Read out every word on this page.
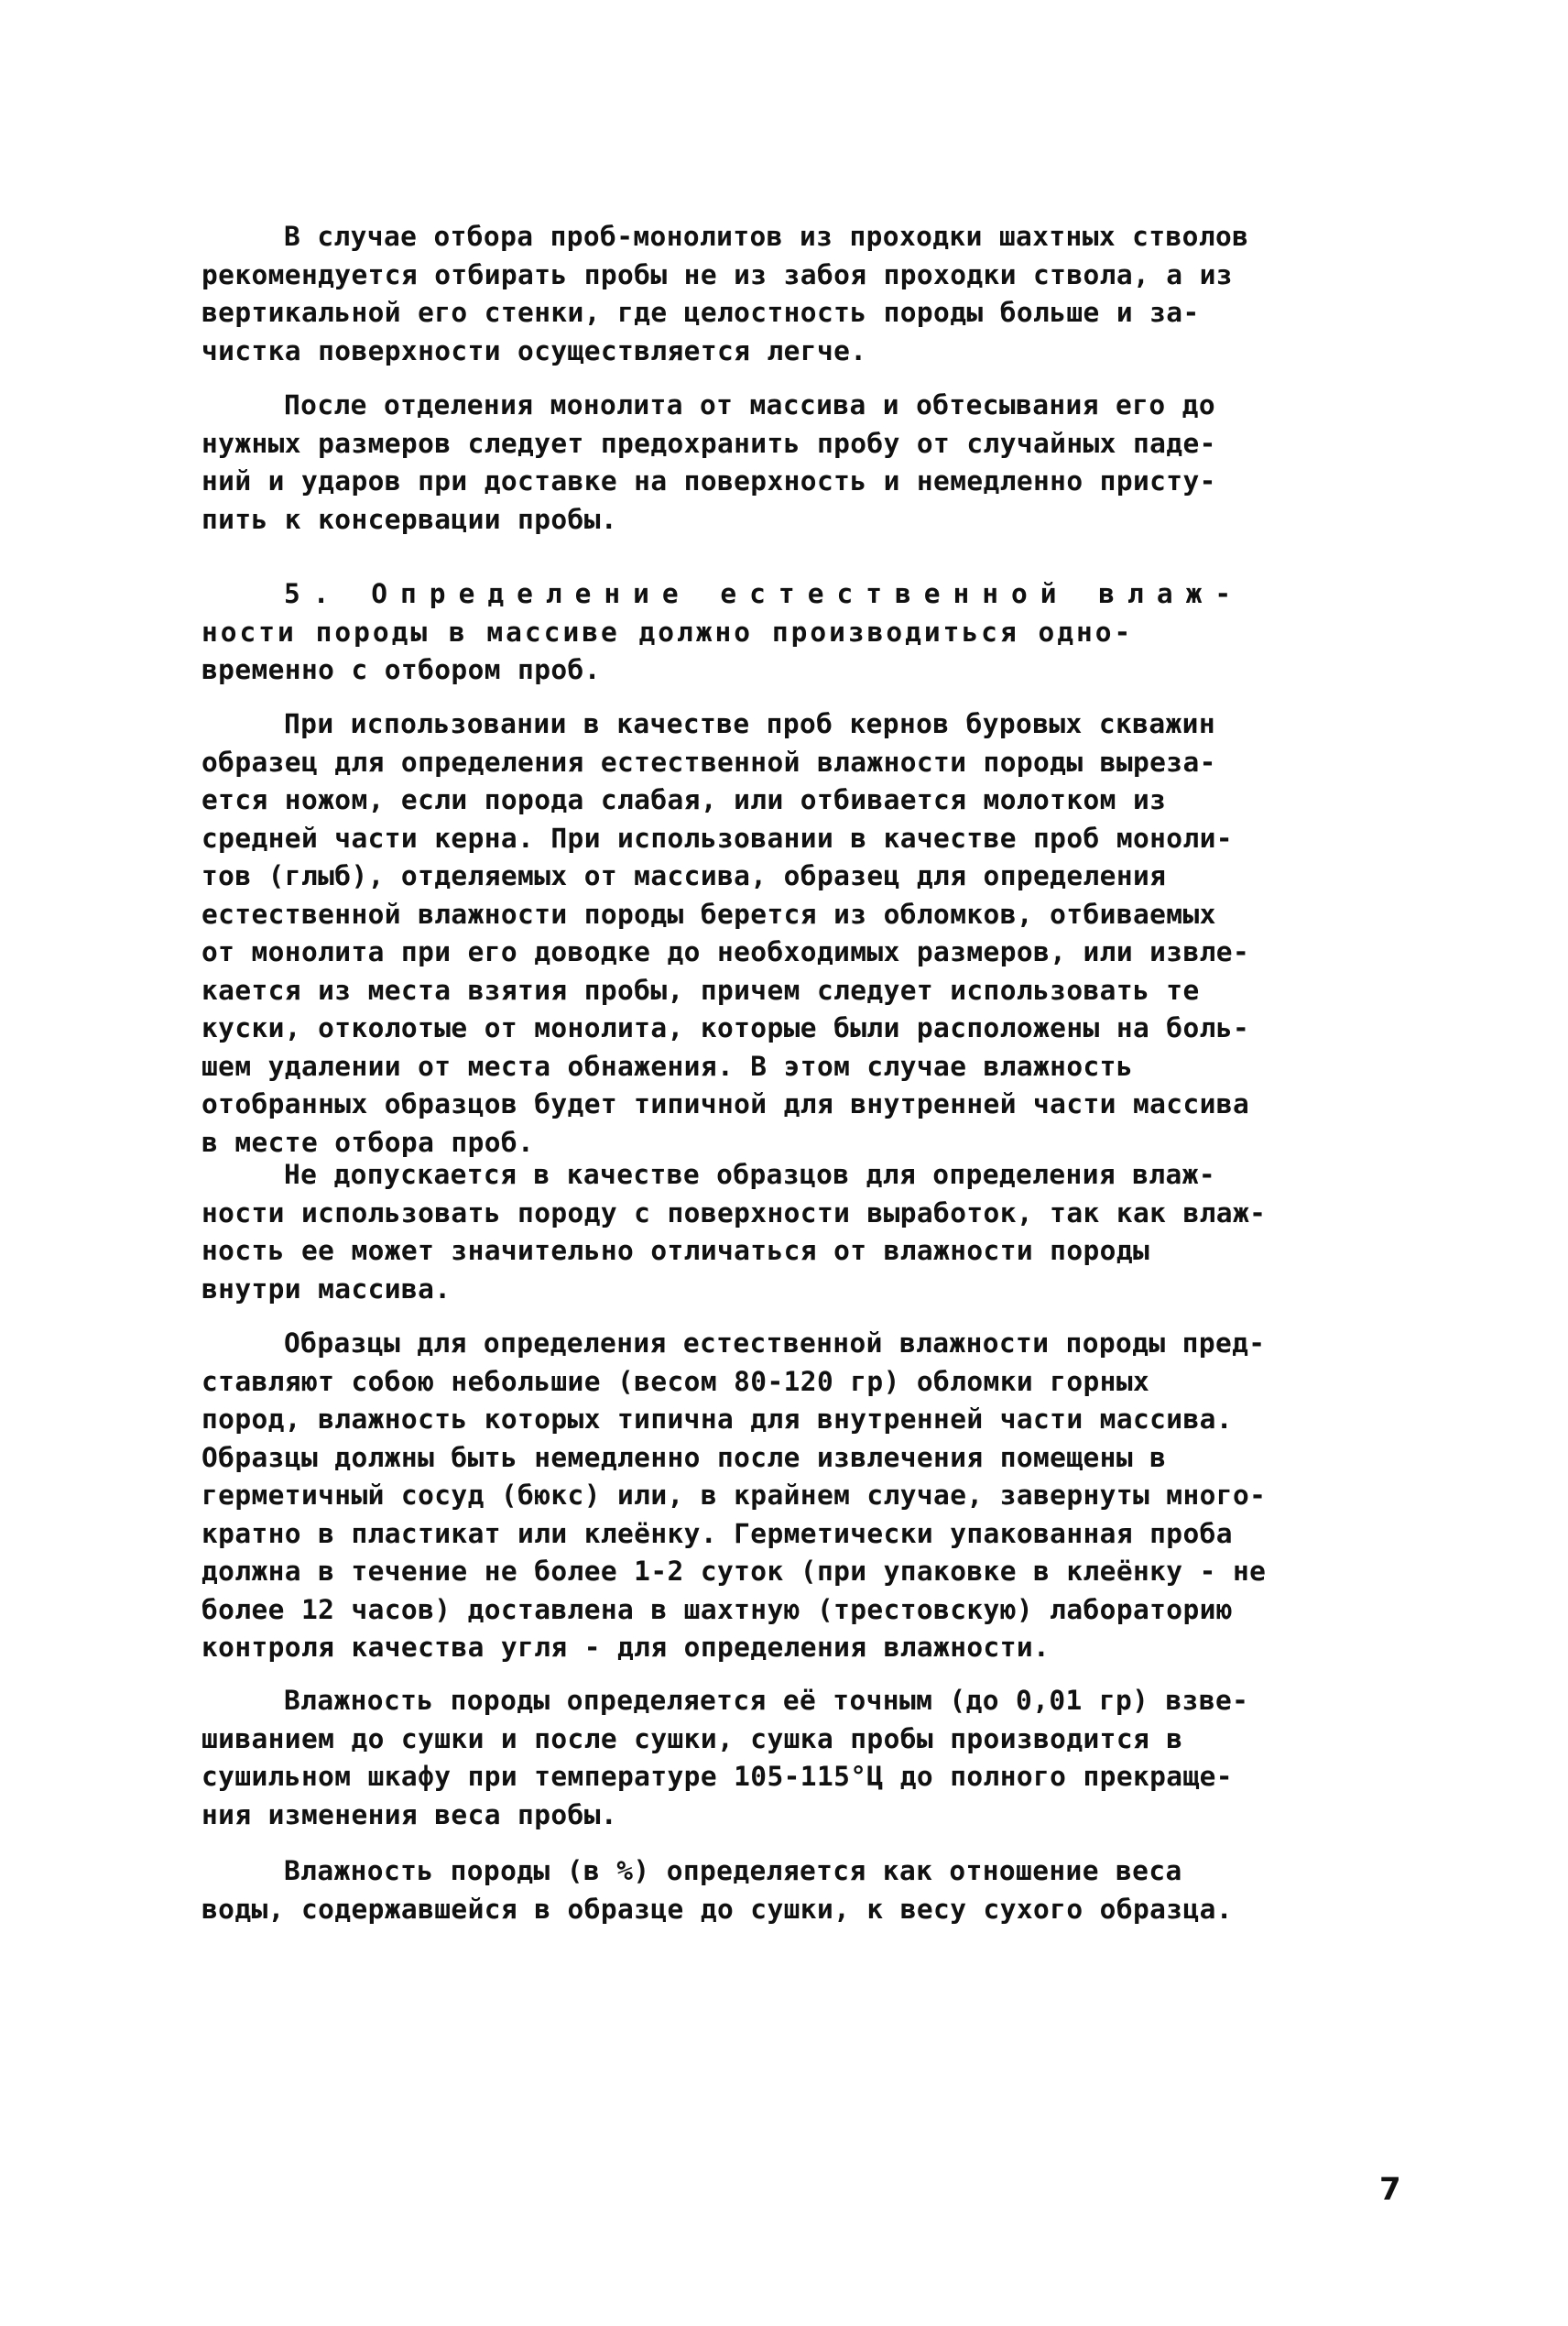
В случае отбора проб-монолитов из проходки шахтных стволов
рекомендуется отбирать пробы не из забоя проходки ствола, а из
вертикальной его стенки, где целостность породы больше и за-
чистка поверхности осуществляется легче.
После отделения монолита от массива и обтесывания его до
нужных размеров следует предохранить пробу от случайных паде-
ний и ударов при доставке на поверхность и немедленно присту-
пить к консервации пробы.
5. Определение естественной влаж-
ности породы в массиве должно производиться одно-
временно с отбором проб.
При использовании в качестве проб кернов буровых скважин
образец для определения естественной влажности породы выреза-
ется ножом, если порода слабая, или отбивается молотком из
средней части керна. При использовании в качестве проб моноли-
тов (глыб), отделяемых от массива, образец для определения
естественной влажности породы берется из обломков, отбиваемых
от монолита при его доводке до необходимых размеров, или извле-
кается из места взятия пробы, причем следует использовать те
куски, отколотые от монолита, которые были расположены на боль-
шем удалении от места обнажения. В этом случае влажность
отобранных образцов будет типичной для внутренней части массива
в месте отбора проб.
Не допускается в качестве образцов для определения влаж-
ности использовать породу с поверхности выработок, так как влаж-
ность ее может значительно отличаться от влажности породы
внутри массива.
Образцы для определения естественной влажности породы пред-
ставляют собою небольшие (весом 80-120 гр) обломки горных
пород, влажность которых типична для внутренней части массива.
Образцы должны быть немедленно после извлечения помещены в
герметичный сосуд (бюкс) или, в крайнем случае, завернуты много-
кратно в пластикат или клеёнку. Герметически упакованная проба
должна в течение не более 1-2 суток (при упаковке в клеёнку - не
более 12 часов) доставлена в шахтную (трестовскую) лабораторию
контроля качества угля - для определения влажности.
Влажность породы определяется её точным (до 0,01 гр) взве-
шиванием до сушки и после сушки, сушка пробы производится в
сушильном шкафу при температуре 105-115°Ц до полного прекраще-
ния изменения веса пробы.
Влажность породы (в %) определяется как отношение веса
воды, содержавшейся в образце до сушки, к весу сухого образца.
7
